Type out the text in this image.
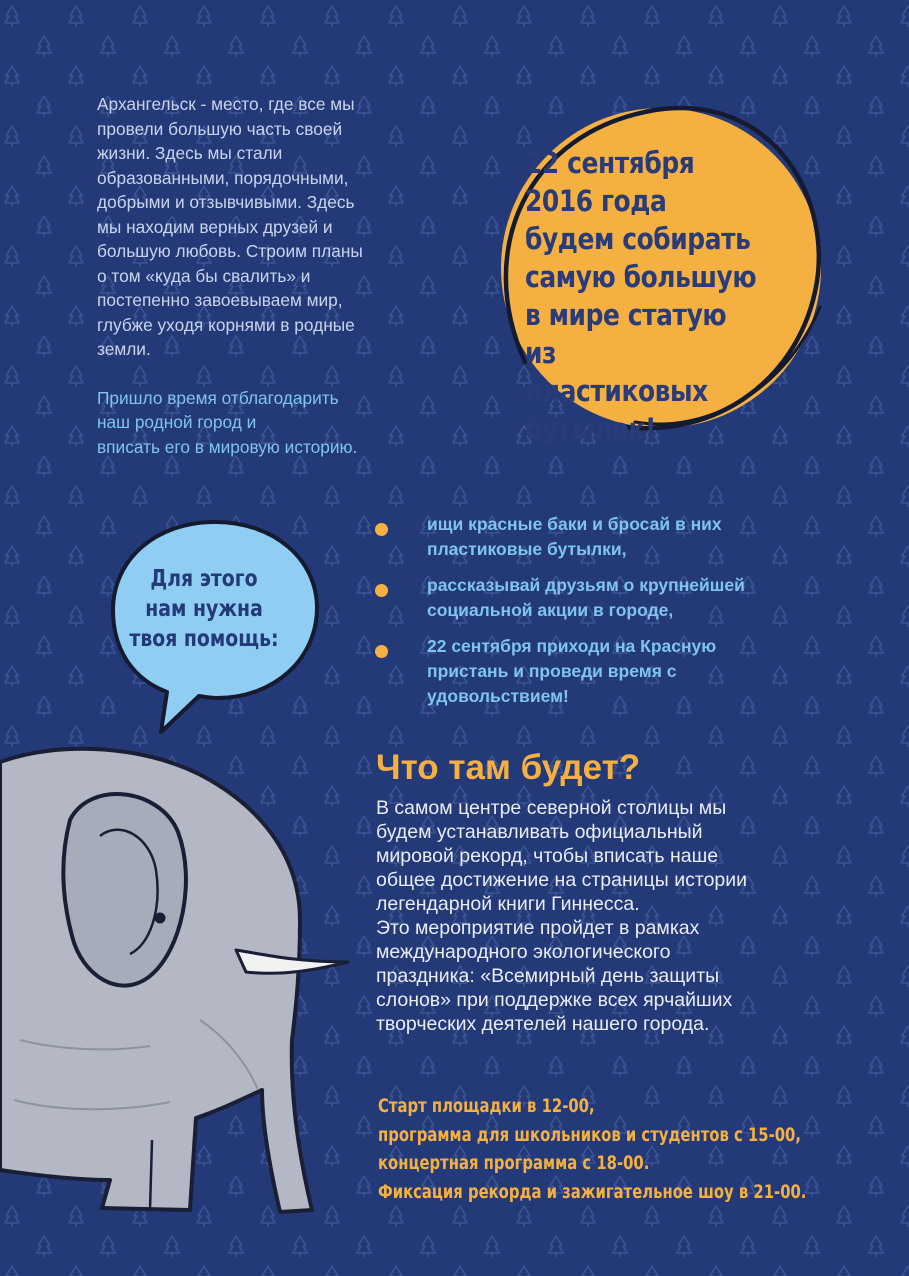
Архангельск - место, где все мы
провели большую часть своей
жизни. Здесь мы стали
образованными, порядочными,
добрыми и отзывчивыми. Здесь
мы находим верных друзей и
большую любовь. Строим планы
о том «куда бы свалить» и
постепенно завоевываем мир,
глубже уходя корнями в родные
земли.

Пришло время отблагодарить
наш родной город и
вписать его в мировую историю.

22 сентября
2016 года
будем собирать
самую большую
в мире статую из
пластиковых
бутылок!

Для этого
нам нужна
твоя помощь:

ищи красные баки и бросай в них
пластиковые бутылки,
рассказывай друзьям о крупнейшей
социальной акции в городе,
22 сентября приходи на Красную
пристань и проведи время с
удовольствием!
Что там будет?

В самом центре северной столицы мы
будем устанавливать официальный
мировой рекорд, чтобы вписать наше
общее достижение на страницы истории
легендарной книги Гиннесса.
Это мероприятие пройдет в рамках
международного экологического
праздника: «Всемирный день защиты
слонов» при поддержке всех ярчайших
творческих деятелей нашего города.

Старт площадки в 12-00,
программа для школьников и студентов с 15-00,
концертная программа с 18-00.
Фиксация рекорда и зажигательное шоу в 21-00.
